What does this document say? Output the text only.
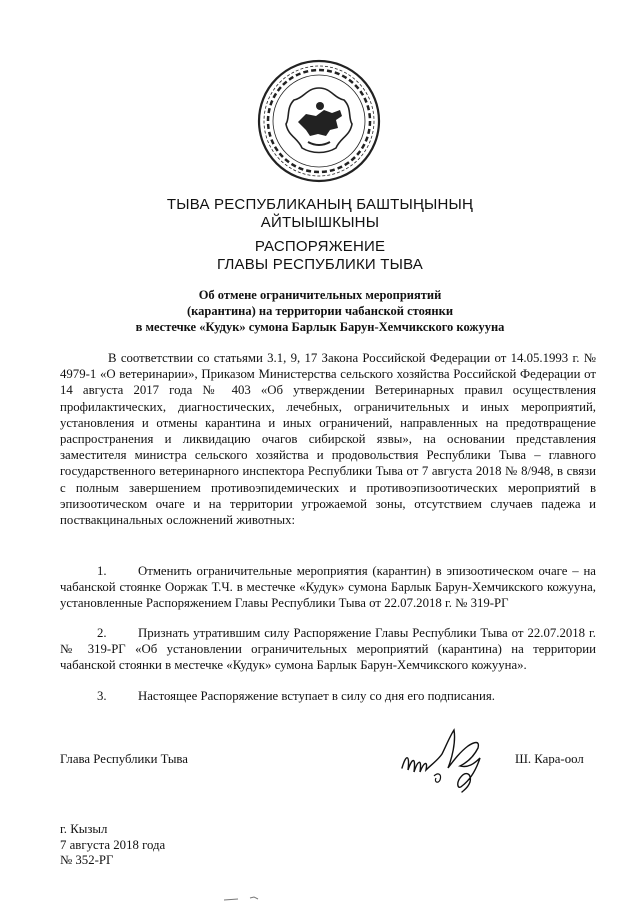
ТЫВА РЕСПУБЛИКАНЫҢ БАШТЫҢЫНЫҢ
АЙТЫЫШКЫНЫ
РАСПОРЯЖЕНИЕ
ГЛАВЫ РЕСПУБЛИКИ ТЫВА
Об отмене ограничительных мероприятий
(карантина) на территории чабанской стоянки
в местечке «Кудук» сумона Барлык Барун-Хемчикского кожууна

В соответствии со статьями 3.1, 9, 17 Закона Российской Федерации от 14.05.1993 г. № 4979-1 «О ветеринарии», Приказом Министерства сельского хозяйства Российской Федерации от 14 августа 2017 года № 403 «Об утверждении Ветеринарных правил осуществления профилактических, диагностических, лечебных, ограничительных и иных мероприятий, установления и отмены карантина и иных ограничений, направленных на предотвращение распространения и ликвидацию очагов сибирской язвы», на основании представления заместителя министра сельского хозяйства и продовольствия Республики Тыва – главного государственного ветеринарного инспектора Республики Тыва от 7 августа 2018 № 8/948, в связи с полным завершением противоэпидемических и противоэпизоотических мероприятий в эпизоотическом очаге и на территории угрожаемой зоны, отсутствием случаев падежа и поствакцинальных осложнений животных:

1. Отменить ограничительные мероприятия (карантин) в эпизоотическом очаге – на чабанской стоянке Ооржак Т.Ч. в местечке «Кудук» сумона Барлык Барун-Хемчикского кожууна, установленные Распоряжением Главы Республики Тыва от 22.07.2018 г. № 319-РГ

2. Признать утратившим силу Распоряжение Главы Республики Тыва от 22.07.2018 г. № 319-РГ «Об установлении ограничительных мероприятий (карантина) на территории чабанской стоянки в местечке «Кудук» сумона Барлык Барун-Хемчикского кожууна».

3. Настоящее Распоряжение вступает в силу со дня его подписания.

Глава Республики Тыва	Ш. Кара-оол
г. Кызыл
7 августа 2018 года
№ 352-РГ
